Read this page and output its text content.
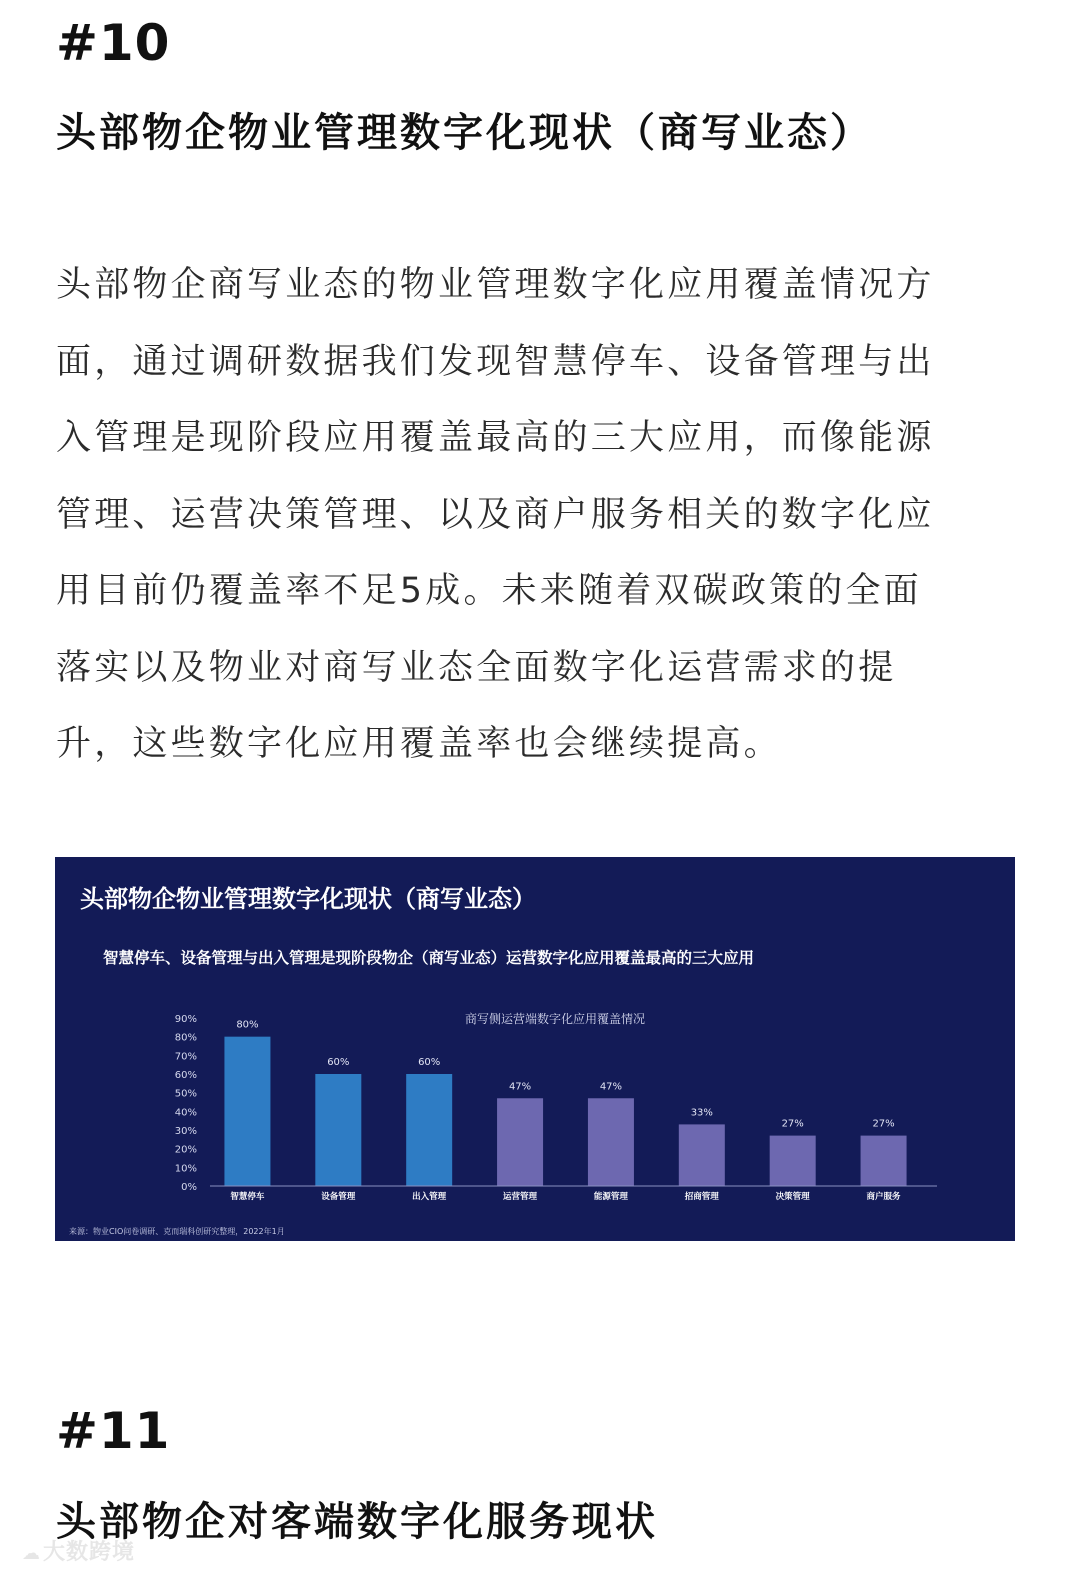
#10
头部物企物业管理数字化现状（商写业态）
头部物企商写业态的物业管理数字化应用覆盖情况方
面，通过调研数据我们发现智慧停车、设备管理与出
入管理是现阶段应用覆盖最高的三大应用，而像能源
管理、运营决策管理、以及商户服务相关的数字化应
用目前仍覆盖率不足5成。未来随着双碳政策的全面
落实以及物业对商写业态全面数字化运营需求的提
升，这些数字化应用覆盖率也会继续提高。
头部物企物业管理数字化现状（商写业态）
智慧停车、设备管理与出入管理是现阶段物企（商写业态）运营数字化应用覆盖最高的三大应用
商写侧运营端数字化应用覆盖情况
0%
10%
20%
30%
40%
50%
60%
70%
80%
90%
80%
智慧停车
60%
设备管理
60%
出入管理
47%
运营管理
47%
能源管理
33%
招商管理
27%
决策管理
27%
商户服务
来源：物业CIO问卷调研、克而瑞科创研究整理，2022年1月
#11
头部物企对客端数字化服务现状
☁大数跨境
